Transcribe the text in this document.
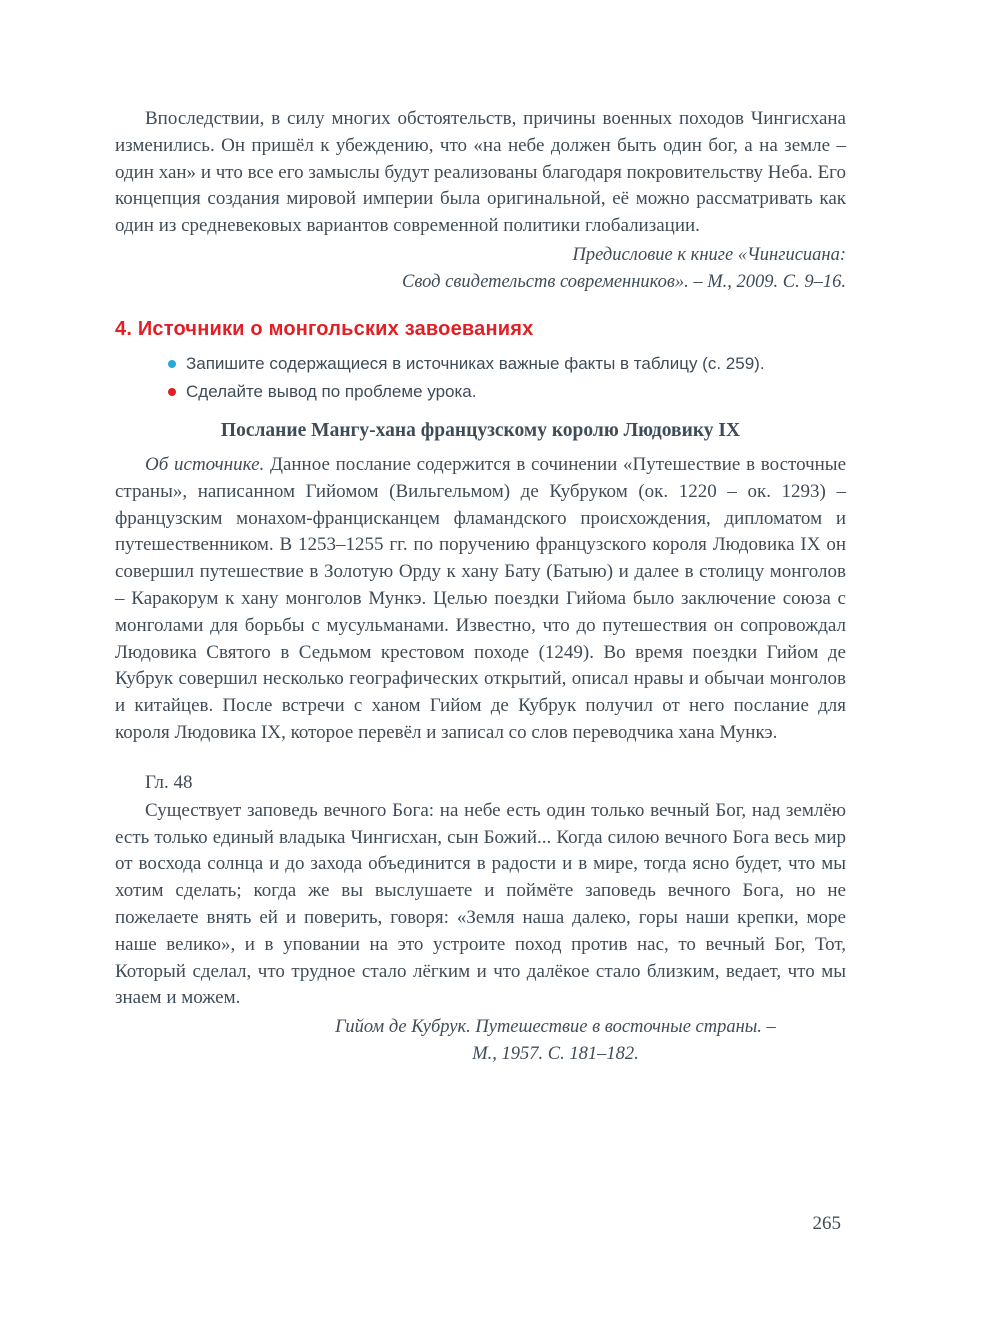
Впоследствии, в силу многих обстоятельств, причины военных походов Чингисхана изменились. Он пришёл к убеждению, что «на небе должен быть один бог, а на земле – один хан» и что все его замыслы будут реализованы благодаря покровительству Неба. Его концепция создания мировой империи была оригинальной, её можно рассматривать как один из средневековых вариантов современной политики глобализации.

Предисловие к книге «Чингисиана:
Свод свидетельств современников». – М., 2009. С. 9–16.
4. Источники о монгольских завоеваниях
Запишите содержащиеся в источниках важные факты в таблицу (с. 259).
Сделайте вывод по проблеме урока.
Послание Мангу-хана французскому королю Людовику IX

Об источнике. Данное послание содержится в сочинении «Путешествие в восточные страны», написанном Гийомом (Вильгельмом) де Кубруком (ок. 1220 – ок. 1293) – французским монахом-францисканцем фламандского происхождения, дипломатом и путешественником. В 1253–1255 гг. по поручению французского короля Людовика IX он совершил путешествие в Золотую Орду к хану Бату (Батыю) и далее в столицу монголов – Каракорум к хану монголов Мункэ. Целью поездки Гийома было заключение союза с монголами для борьбы с мусульманами. Известно, что до путешествия он сопровождал Людовика Святого в Седьмом крестовом походе (1249). Во время поездки Гийом де Кубрук совершил несколько географических открытий, описал нравы и обычаи монголов и китайцев. После встречи с ханом Гийом де Кубрук получил от него послание для короля Людовика IX, которое перевёл и записал со слов переводчика хана Мункэ.

Гл. 48

Существует заповедь вечного Бога: на небе есть один только вечный Бог, над землёю есть только единый владыка Чингисхан, сын Божий... Когда силою вечного Бога весь мир от восхода солнца и до захода объединится в радости и в мире, тогда ясно будет, что мы хотим сделать; когда же вы выслушаете и поймёте заповедь вечного Бога, но не пожелаете внять ей и поверить, говоря: «Земля наша далеко, горы наши крепки, море наше велико», и в уповании на это устроите поход против нас, то вечный Бог, Тот, Который сделал, что трудное стало лёгким и что далёкое стало близким, ведает, что мы знаем и можем.

Гийом де Кубрук. Путешествие в восточные страны. –
М., 1957. С. 181–182.
265
